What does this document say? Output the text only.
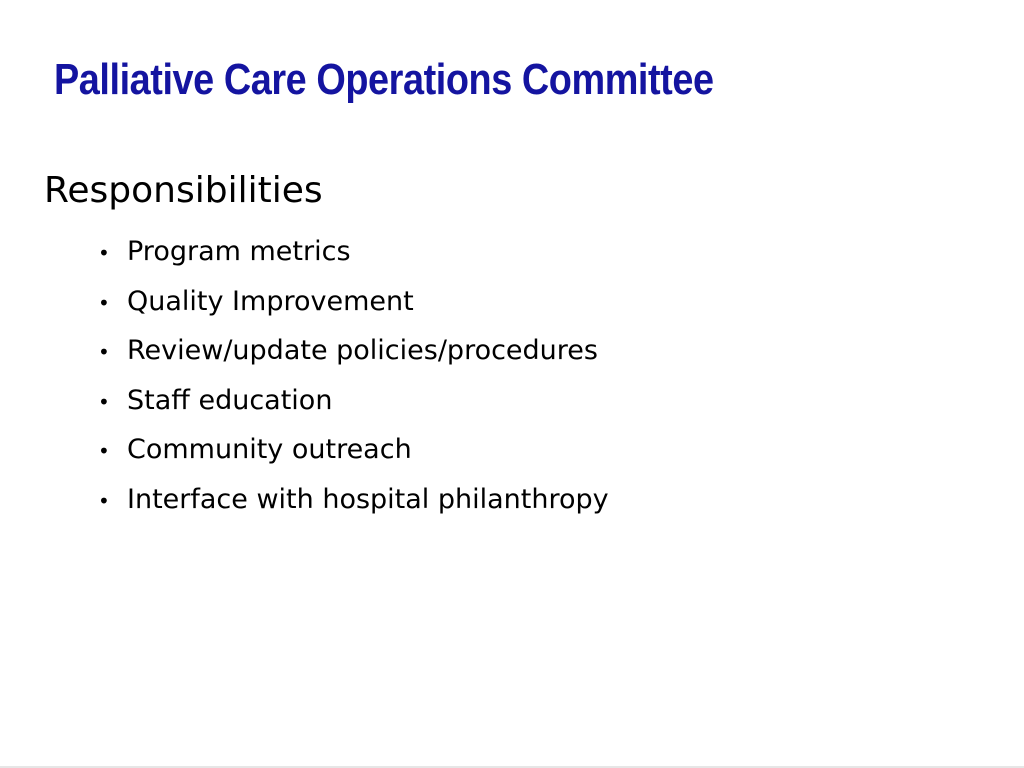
Palliative Care Operations Committee
Responsibilities
• Program metrics
• Quality Improvement
• Review/update policies/procedures
• Staff education
• Community outreach
• Interface with hospital philanthropy
